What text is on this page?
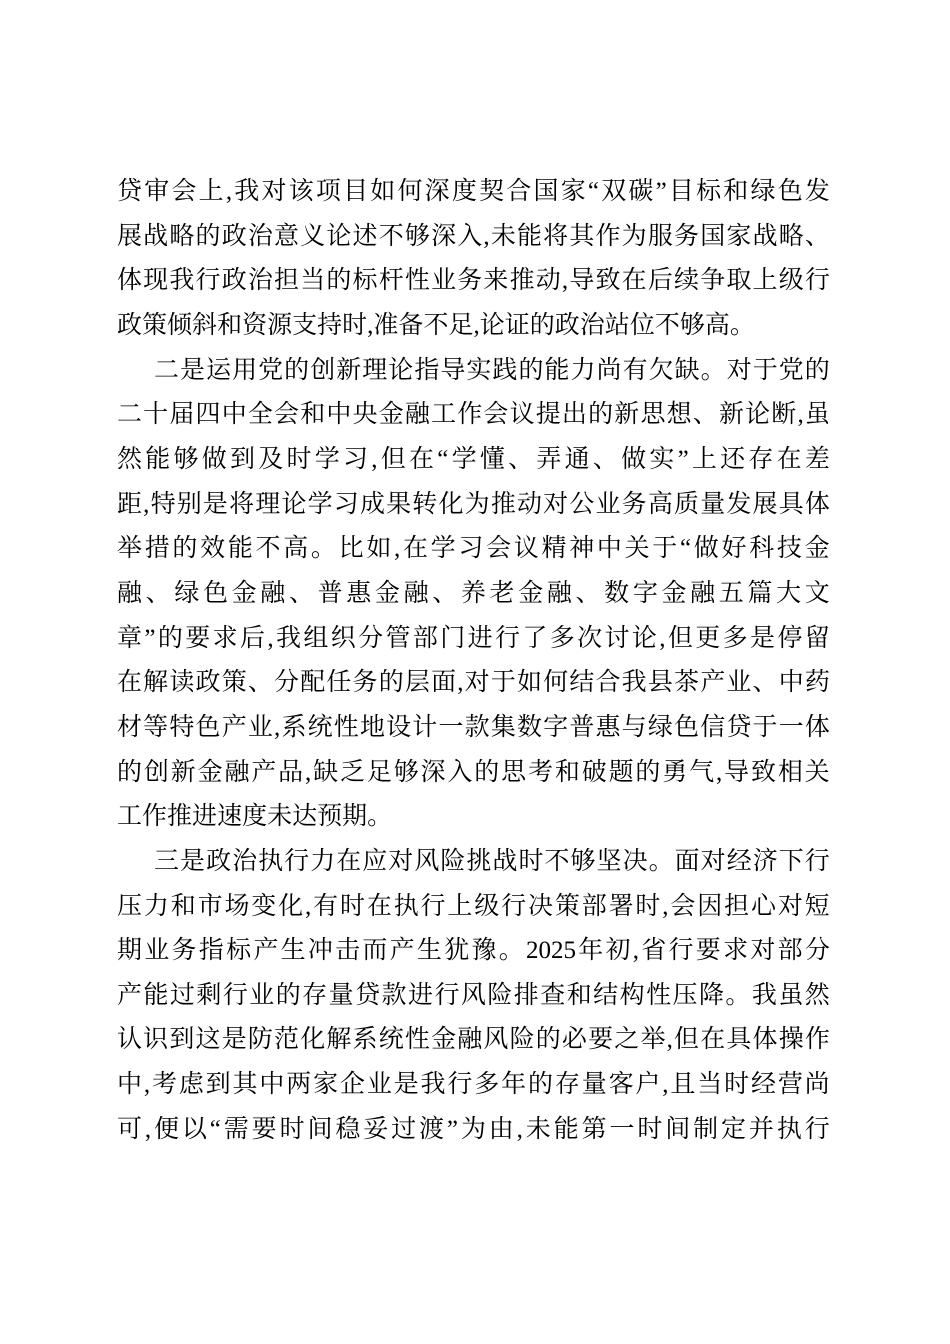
贷 审 会 上 , 我 对 该 项 目 如 何 深 度 契 合 国 家 “ 双 碳 ” 目 标 和 绿 色 发
展 战 略 的 政 治 意 义 论 述 不 够 深 入 , 未 能 将 其 作 为 服 务 国 家 战 略 、
体 现 我 行 政 治 担 当 的 标 杆 性 业 务 来 推 动 , 导 致 在 后 续 争 取 上 级 行
政 策 倾 斜 和 资 源 支 持 时 , 准 备 不 足 , 论 证 的 政 治 站 位 不 够 高 。
二 是 运 用 党 的 创 新 理 论 指 导 实 践 的 能 力 尚 有 欠 缺 。 对 于 党 的
二 十 届 四 中 全 会 和 中 央 金 融 工 作 会 议 提 出 的 新 思 想 、 新 论 断 , 虽
然 能 够 做 到 及 时 学 习 , 但 在 “ 学 懂 、 弄 通 、 做 实 ” 上 还 存 在 差
距 , 特 别 是 将 理 论 学 习 成 果 转 化 为 推 动 对 公 业 务 高 质 量 发 展 具 体
举 措 的 效 能 不 高 。 比 如 , 在 学 习 会 议 精 神 中 关 于 “ 做 好 科 技 金
融 、 绿 色 金 融 、 普 惠 金 融 、 养 老 金 融 、 数 字 金 融 五 篇 大 文
章 ” 的 要 求 后 , 我 组 织 分 管 部 门 进 行 了 多 次 讨 论 , 但 更 多 是 停 留
在 解 读 政 策 、 分 配 任 务 的 层 面 , 对 于 如 何 结 合 我 县 茶 产 业 、 中 药
材 等 特 色 产 业 , 系 统 性 地 设 计 一 款 集 数 字 普 惠 与 绿 色 信 贷 于 一 体
的 创 新 金 融 产 品 , 缺 乏 足 够 深 入 的 思 考 和 破 题 的 勇 气 , 导 致 相 关
工 作 推 进 速 度 未 达 预 期 。
三 是 政 治 执 行 力 在 应 对 风 险 挑 战 时 不 够 坚 决 。 面 对 经 济 下 行
压 力 和 市 场 变 化 , 有 时 在 执 行 上 级 行 决 策 部 署 时 , 会 因 担 心 对 短
期 业 务 指 标 产 生 冲 击 而 产 生 犹 豫 。 2025 年 初 , 省 行 要 求 对 部 分
产 能 过 剩 行 业 的 存 量 贷 款 进 行 风 险 排 查 和 结 构 性 压 降 。 我 虽 然
认 识 到 这 是 防 范 化 解 系 统 性 金 融 风 险 的 必 要 之 举 , 但 在 具 体 操 作
中 , 考 虑 到 其 中 两 家 企 业 是 我 行 多 年 的 存 量 客 户 , 且 当 时 经 营 尚
可 , 便 以 “ 需 要 时 间 稳 妥 过 渡 ” 为 由 , 未 能 第 一 时 间 制 定 并 执 行
